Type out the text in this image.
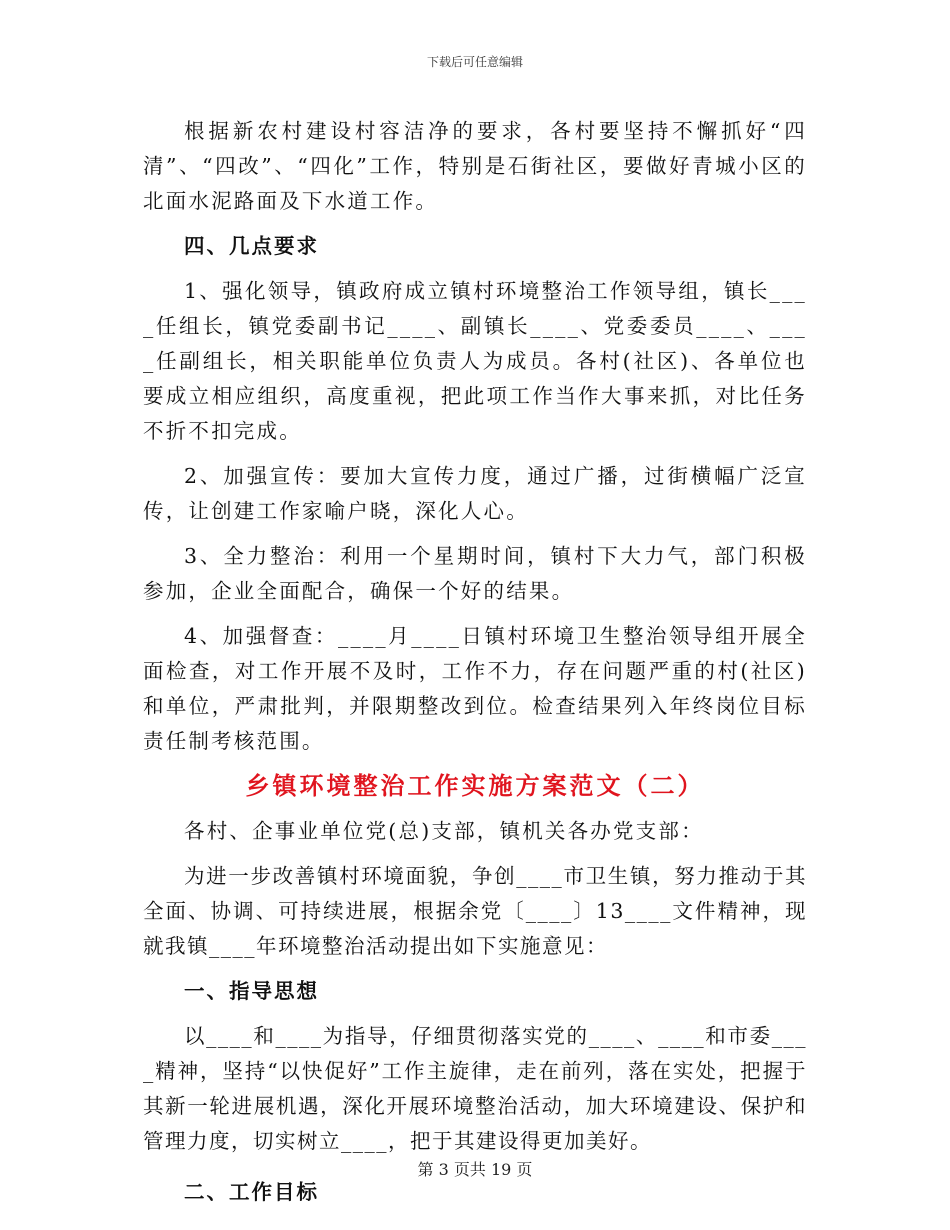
下载后可任意编辑

根据新农村建设村容洁净的要求，各村要坚持不懈抓好“四清”、“四改”、“四化”工作，特别是石街社区，要做好青城小区的北面水泥路面及下水道工作。

四、几点要求

1、强化领导，镇政府成立镇村环境整治工作领导组，镇长____任组长，镇党委副书记____、副镇长____、党委委员____、____任副组长，相关职能单位负责人为成员。各村(社区)、各单位也要成立相应组织，高度重视，把此项工作当作大事来抓，对比任务不折不扣完成。

2、加强宣传：要加大宣传力度，通过广播，过街横幅广泛宣传，让创建工作家喻户晓，深化人心。

3、全力整治：利用一个星期时间，镇村下大力气，部门积极参加，企业全面配合，确保一个好的结果。

4、加强督查：____月____日镇村环境卫生整治领导组开展全面检查，对工作开展不及时，工作不力，存在问题严重的村(社区)和单位，严肃批判，并限期整改到位。检查结果列入年终岗位目标责任制考核范围。

乡镇环境整治工作实施方案范文（二）

各村、企事业单位党(总)支部，镇机关各办党支部：

为进一步改善镇村环境面貌，争创____市卫生镇，努力推动于其全面、协调、可持续进展，根据余党〔____〕13____文件精神，现就我镇____年环境整治活动提出如下实施意见：

一、指导思想

以____和____为指导，仔细贯彻落实党的____、____和市委____精神，坚持“以快促好”工作主旋律，走在前列，落在实处，把握于其新一轮进展机遇，深化开展环境整治活动，加大环境建设、保护和管理力度，切实树立____，把于其建设得更加美好。

二、工作目标

第 3 页共 19 页
